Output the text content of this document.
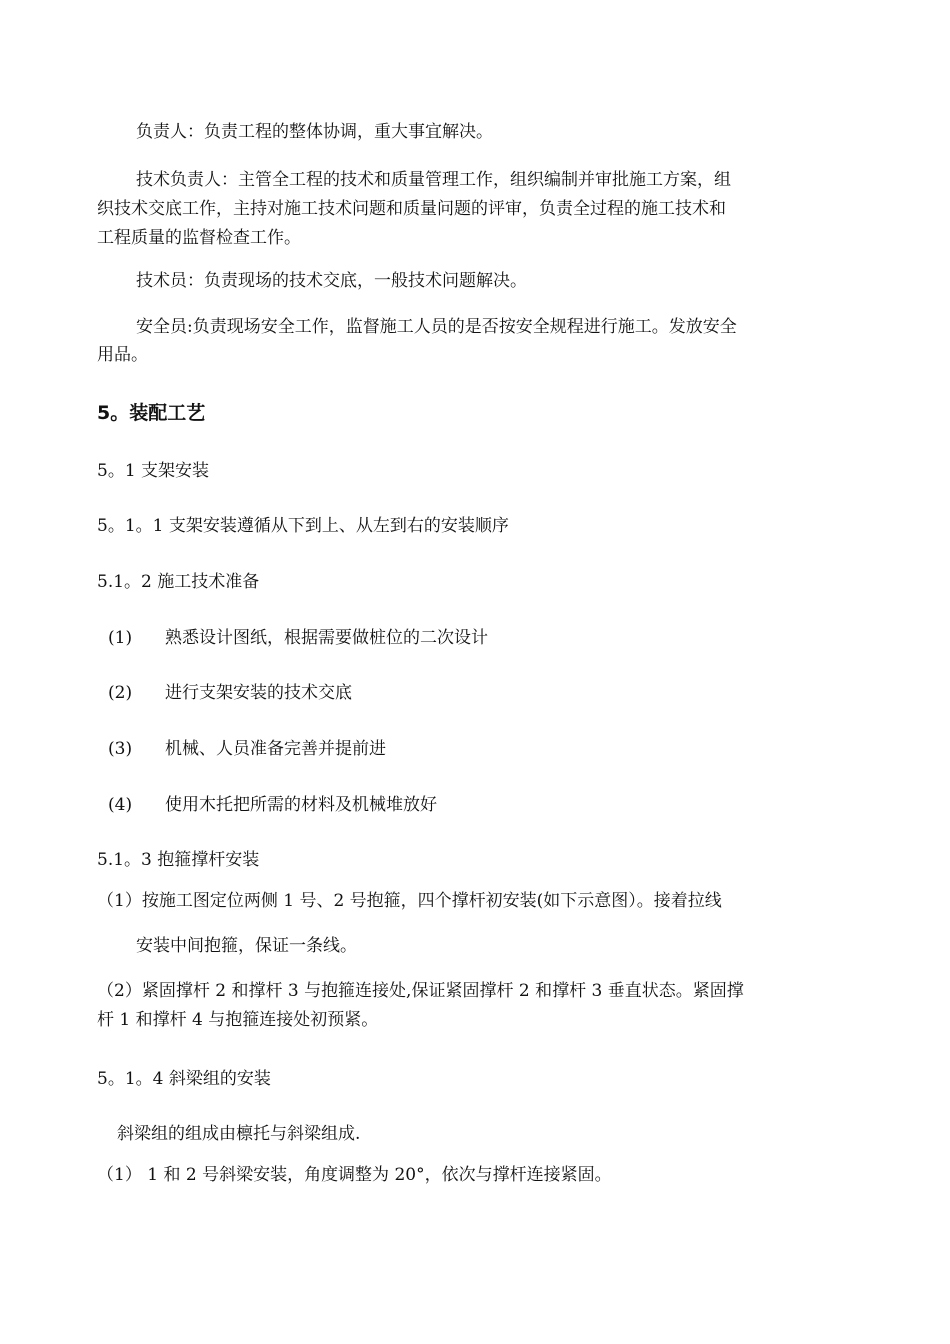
负责人：负责工程的整体协调，重大事宜解决。
技术负责人：主管全工程的技术和质量管理工作，组织编制并审批施工方案，组
织技术交底工作，主持对施工技术问题和质量问题的评审，负责全过程的施工技术和
工程质量的监督检查工作。
技术员：负责现场的技术交底，一般技术问题解决。
安全员:负责现场安全工作，监督施工人员的是否按安全规程进行施工。发放安全
用品。
5。装配工艺
5。1 支架安装
5。1。1 支架安装遵循从下到上、从左到右的安装顺序
5.1。2 施工技术准备
(1) 熟悉设计图纸，根据需要做桩位的二次设计
(2) 进行支架安装的技术交底
(3) 机械、人员准备完善并提前进
(4) 使用木托把所需的材料及机械堆放好
5.1。3 抱箍撑杆安装
（1）按施工图定位两侧 1 号、2 号抱箍，四个撑杆初安装(如下示意图）。接着拉线
安装中间抱箍，保证一条线。
（2）紧固撑杆 2 和撑杆 3 与抱箍连接处,保证紧固撑杆 2 和撑杆 3 垂直状态。紧固撑
杆 1 和撑杆 4 与抱箍连接处初预紧。
5。1。4 斜梁组的安装
斜梁组的组成由檩托与斜梁组成.
（1） 1 和 2 号斜梁安装，角度调整为 20°，依次与撑杆连接紧固。
